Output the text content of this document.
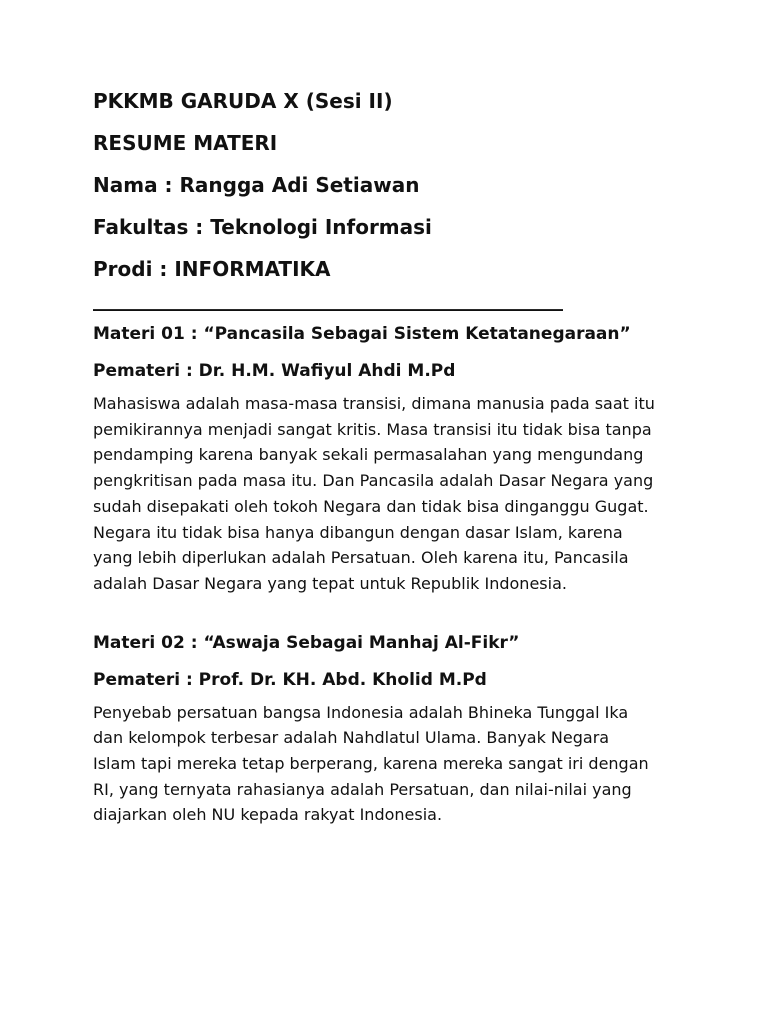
PKKMB GARUDA X (Sesi II)
RESUME MATERI
Nama : Rangga Adi Setiawan
Fakultas : Teknologi Informasi
Prodi : INFORMATIKA
_______________________________________________
Materi 01 : “Pancasila Sebagai Sistem Ketatanegaraan”
Pemateri : Dr. H.M. Wafiyul Ahdi M.Pd
Mahasiswa adalah masa-masa transisi, dimana manusia pada saat itu
pemikirannya menjadi sangat kritis. Masa transisi itu tidak bisa tanpa
pendamping karena banyak sekali permasalahan yang mengundang
pengkritisan pada masa itu. Dan Pancasila adalah Dasar Negara yang
sudah disepakati oleh tokoh Negara dan tidak bisa dinganggu Gugat.
Negara itu tidak bisa hanya dibangun dengan dasar Islam, karena
yang lebih diperlukan adalah Persatuan. Oleh karena itu, Pancasila
adalah Dasar Negara yang tepat untuk Republik Indonesia.
Materi 02 : “Aswaja Sebagai Manhaj Al-Fikr”
Pemateri : Prof. Dr. KH. Abd. Kholid M.Pd
Penyebab persatuan bangsa Indonesia adalah Bhineka Tunggal Ika
dan kelompok terbesar adalah Nahdlatul Ulama. Banyak Negara
Islam tapi mereka tetap berperang, karena mereka sangat iri dengan
RI, yang ternyata rahasianya adalah Persatuan, dan nilai-nilai yang
diajarkan oleh NU kepada rakyat Indonesia.
